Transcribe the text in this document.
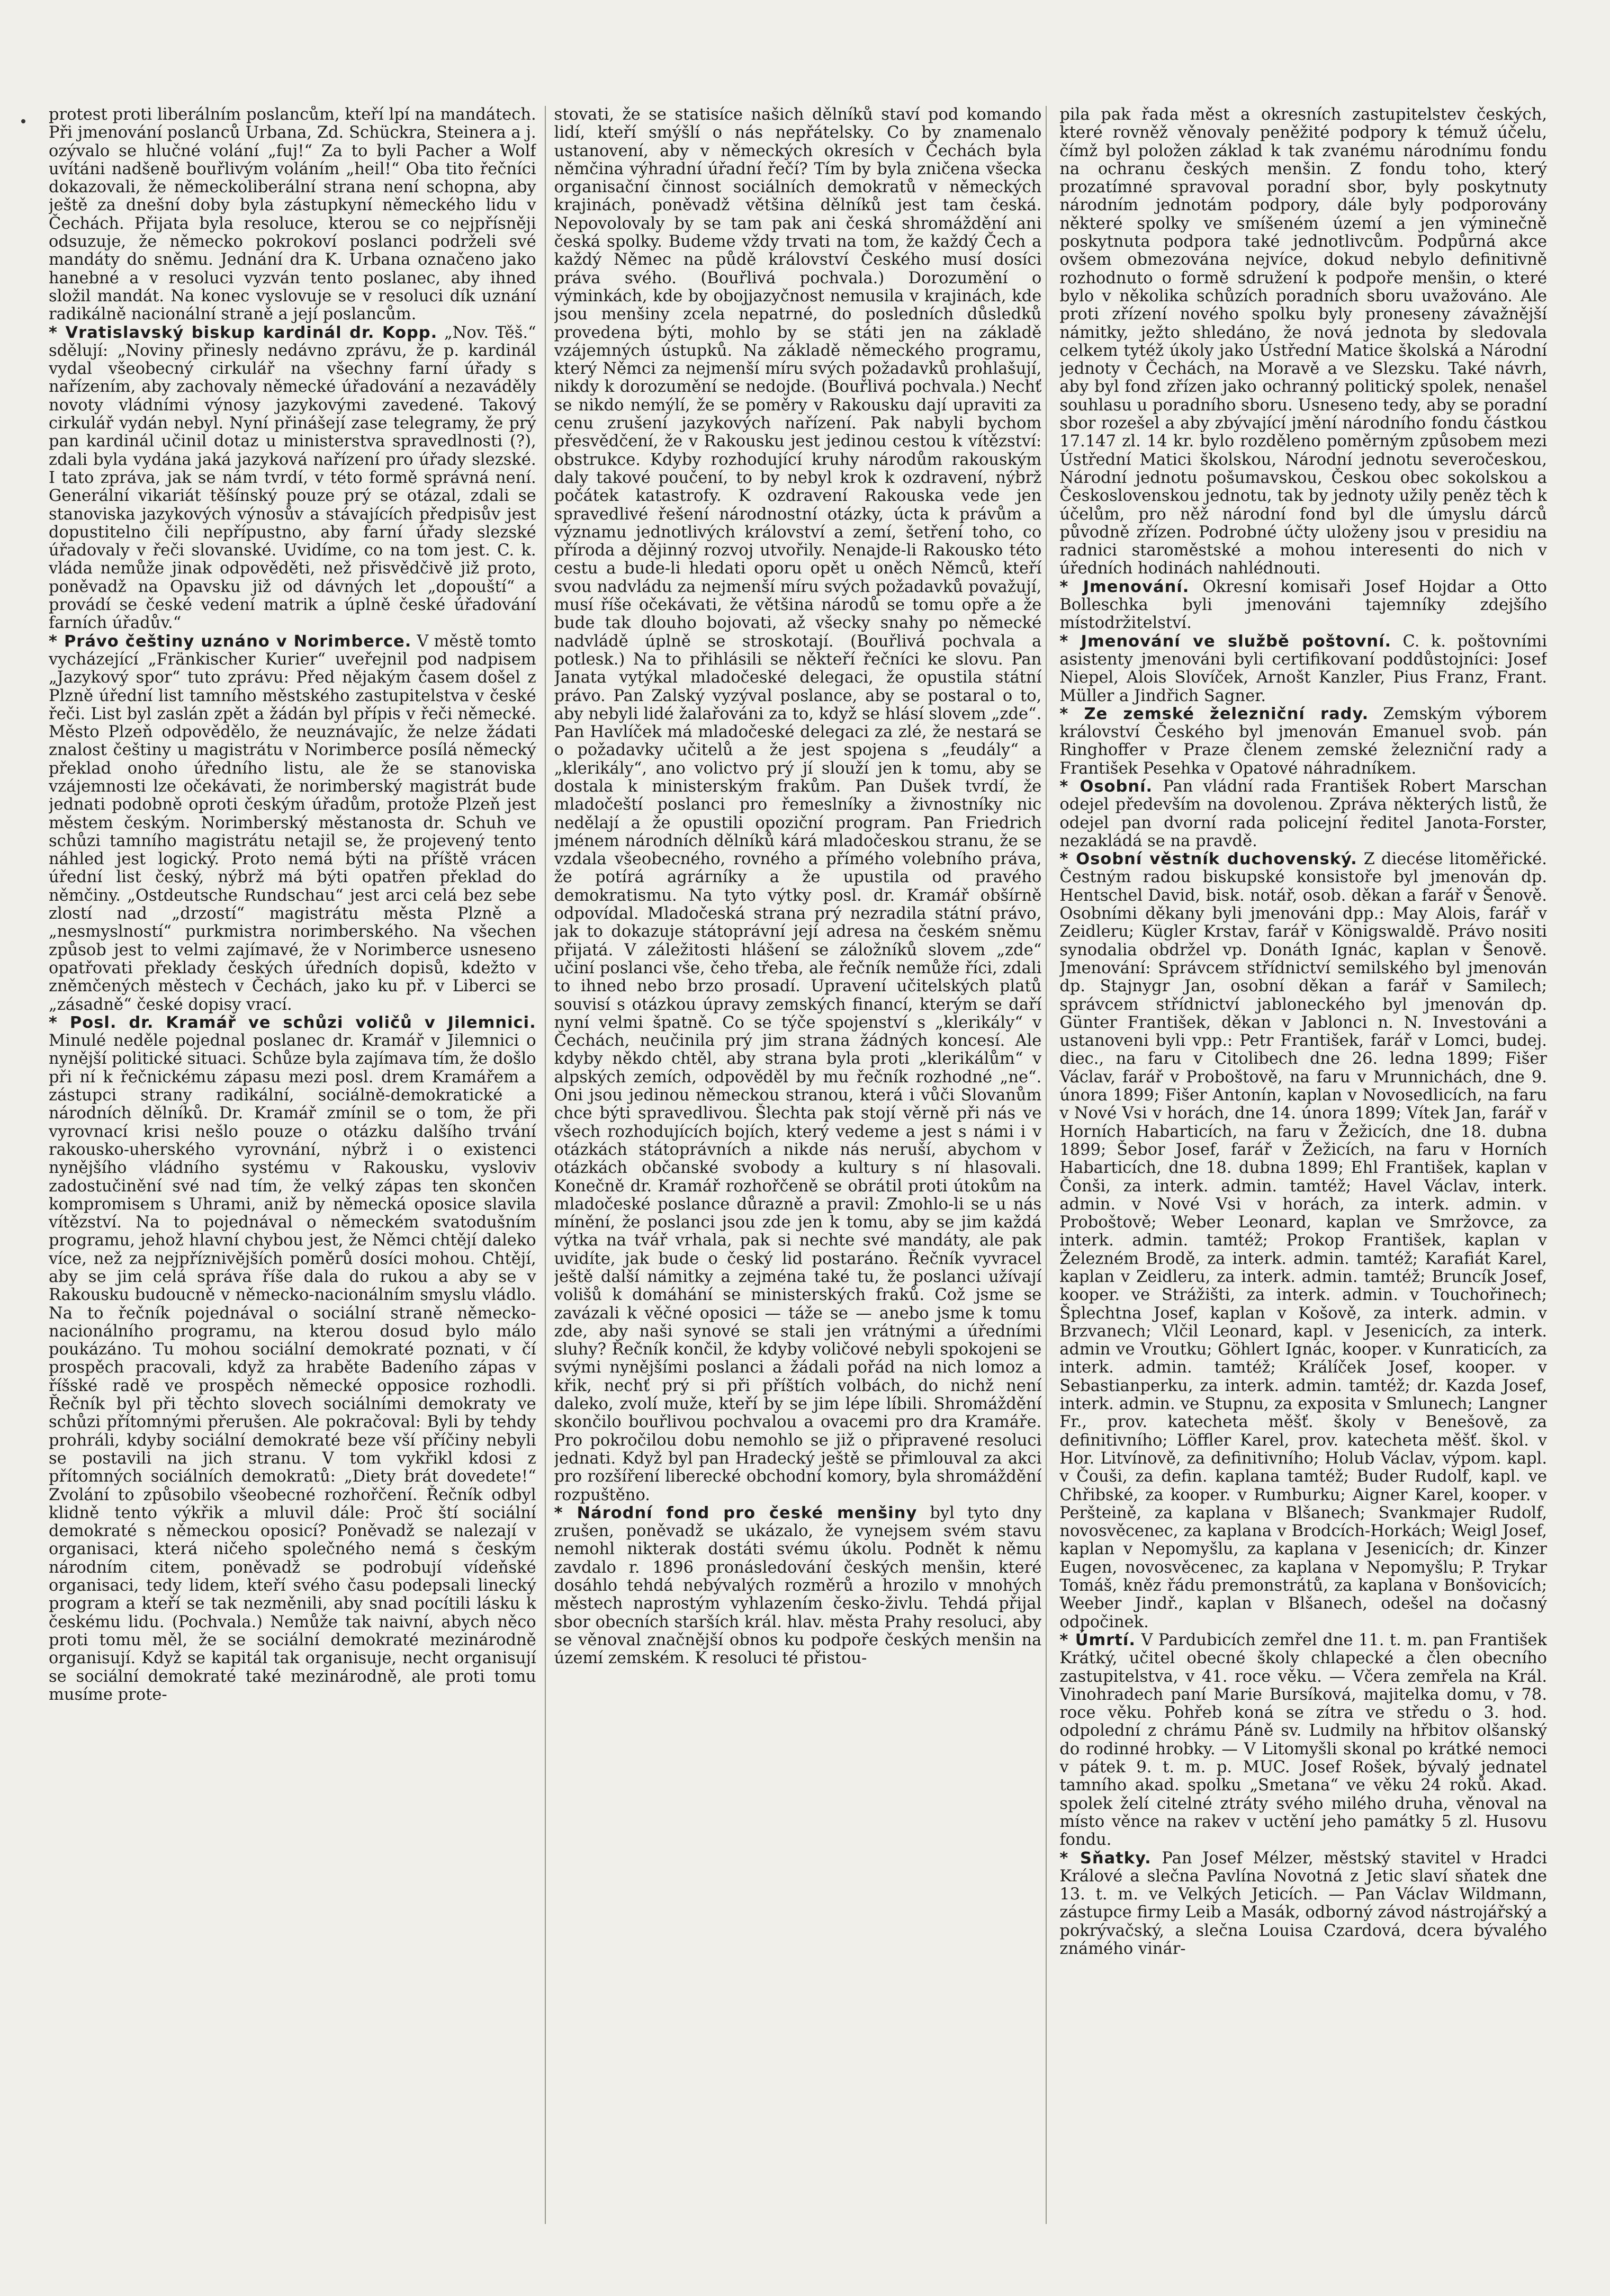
protest proti liberálním poslancům, kteří lpí na mandátech. Při jmenování poslanců Urbana, Zd. Schückra, Steinera a j. ozývalo se hlučné volání „fuj!“ Za to byli Pacher a Wolf uvítáni nadšeně bouřlivým voláním „heil!“ Oba tito řečníci dokazovali, že německoliberální strana není schopna, aby ještě za dnešní doby byla zástupkyní německého lidu v Čechách. Přijata byla resoluce, kterou se co nejpřísněji odsuzuje, že německo pokrokoví poslanci podrželi své mandáty do sněmu. Jednání dra K. Urbana označeno jako hanebné a v resoluci vyzván tento poslanec, aby ihned složil mandát. Na konec vyslovuje se v resoluci dík uznání radikálně nacionální straně a její poslancům.

* Vratislavský biskup kardinál dr. Kopp. „Nov. Těš.“ sdělují: „Noviny přinesly nedávno zprávu, že p. kardinál vydal všeobecný cirkulář na všechny farní úřady s nařízením, aby zachovaly německé úřadování a nezaváděly novoty vládními výnosy jazykovými zavedené. Takový cirkulář vydán nebyl. Nyní přinášejí zase telegramy, že prý pan kardinál učinil dotaz u ministerstva spravedlnosti (?), zdali byla vydána jaká jazyková nařízení pro úřady slezské. I tato zpráva, jak se nám tvrdí, v této formě správná není. Generální vikariát těšínský pouze prý se otázal, zdali se stanoviska jazykových výnosův a stávajících předpisův jest dopustitelno čili nepřípustno, aby farní úřady slezské úřadovaly v řeči slovanské. Uvidíme, co na tom jest. C. k. vláda nemůže jinak odpověděti, než přisvědčivě již proto, poněvadž na Opavsku již od dávných let „dopouští“ a provádí se české vedení matrik a úplně české úřadování farních úřadův.“

* Právo češtiny uznáno v Norimberce. V městě tomto vycházející „Fränkischer Kurier“ uveřejnil pod nadpisem „Jazykový spor“ tuto zprávu: Před nějakým časem došel z Plzně úřední list tamního městského zastupitelstva v české řeči. List byl zaslán zpět a žádán byl přípis v řeči německé. Město Plzeň odpovědělo, že neuznávajíc, že nelze žádati znalost češtiny u magistrátu v Norimberce posílá německý překlad onoho úředního listu, ale že se stanoviska vzájemnosti lze očekávati, že norimberský magistrát bude jednati podobně oproti českým úřadům, protože Plzeň jest městem českým. Norimberský městanosta dr. Schuh ve schůzi tamního magistrátu netajil se, že projevený tento náhled jest logický. Proto nemá býti na příště vrácen úřední list český, nýbrž má býti opatřen překlad do němčiny. „Ostdeutsche Rundschau“ jest arci celá bez sebe zlostí nad „drzostí“ magistrátu města Plzně a „nesmyslností“ purkmistra norimberského. Na všechen způsob jest to velmi zajímavé, že v Norimberce usneseno opatřovati překlady českých úředních dopisů, kdežto v zněmčených městech v Čechách, jako ku př. v Liberci se „zásadně“ české dopisy vrací.

* Posl. dr. Kramář ve schůzi voličů v Jilemnici. Minulé neděle pojednal poslanec dr. Kramář v Jilemnici o nynější politické situaci. Schůze byla zajímava tím, že došlo při ní k řečnickému zápasu mezi posl. drem Kramářem a zástupci strany radikální, sociálně-demokratické a národních dělníků. Dr. Kramář zmínil se o tom, že při vyrovnací krisi nešlo pouze o otázku dalšího trvání rakousko-uherského vyrovnání, nýbrž i o existenci nynějšího vládního systému v Rakousku, vysloviv zadostučinění své nad tím, že velký zápas ten skončen kompromisem s Uhrami, aniž by německá oposice slavila vítězství. Na to pojednával o německém svatodušním programu, jehož hlavní chybou jest, že Němci chtějí daleko více, než za nejpříznivějších poměrů dosíci mohou. Chtějí, aby se jim celá správa říše dala do rukou a aby se v Rakousku budoucně v německo-nacionálním smyslu vládlo. Na to řečník pojednával o sociální straně německo-nacionálního programu, na kterou dosud bylo málo poukázáno. Tu mohou sociální demokraté poznati, v čí prospěch pracovali, když za hraběte Badeního zápas v říšské radě ve prospěch německé opposice rozhodli. Řečník byl při těchto slovech sociálními demokraty ve schůzi přítomnými přerušen. Ale pokračoval: Byli by tehdy prohráli, kdyby sociální demokraté beze vší příčiny nebyli se postavili na jich stranu. V tom vykřikl kdosi z přítomných sociálních demokratů: „Diety brát dovedete!“ Zvolání to způsobilo všeobecné rozhořčení. Řečník odbyl klidně tento výkřik a mluvil dále: Proč ští sociální demokraté s německou oposicí? Poněvadž se nalezají v organisaci, která ničeho společného nemá s českým národním citem, poněvadž se podrobují vídeňské organisaci, tedy lidem, kteří svého času podepsali linecký program a kteří se tak nezměnili, aby snad pocítili lásku k českému lidu. (Pochvala.) Nemůže tak naivní, abych něco proti tomu měl, že se sociální demokraté mezinárodně organisují. Když se kapitál tak organisuje, necht organisují se sociální demokraté také mezinárodně, ale proti tomu musíme prote-

stovati, že se statisíce našich dělníků staví pod komando lidí, kteří smýšlí o nás nepřátelsky. Co by znamenalo ustanovení, aby v německých okresích v Čechách byla němčina výhradní úřadní řečí? Tím by byla zničena všecka organisační činnost sociálních demokratů v německých krajinách, poněvadž většina dělníků jest tam česká. Nepovolovaly by se tam pak ani česká shromáždění ani česká spolky. Budeme vždy trvati na tom, že každý Čech a každý Němec na půdě království Českého musí dosíci práva svého. (Bouřlivá pochvala.) Dorozumění o výminkách, kde by obojjazyčnost nemusila v krajinách, kde jsou menšiny zcela nepatrné, do posledních důsledků provedena býti, mohlo by se státi jen na základě vzájemných ústupků. Na základě německého programu, který Němci za nejmenší míru svých požadavků prohlašují, nikdy k dorozumění se nedojde. (Bouřlivá pochvala.) Nechť se nikdo nemýlí, že se poměry v Rakousku dají upraviti za cenu zrušení jazykových nařízení. Pak nabyli bychom přesvědčení, že v Rakousku jest jedinou cestou k vítězství: obstrukce. Kdyby rozhodující kruhy národům rakouským daly takové poučení, to by nebyl krok k ozdravení, nýbrž počátek katastrofy. K ozdravení Rakouska vede jen spravedlivé řešení národnostní otázky, úcta k právům a významu jednotlivých království a zemí, šetření toho, co přírodа a dějinný rozvoj utvořily. Nenajde-li Rakousko této cestu a bude-li hledati oporu opět u oněch Němců, kteří svou nadvládu za nejmenší míru svých požadavků považují, musí říše očekávati, že většina národů se tomu opře a že bude tak dlouho bojovati, až všecky snahy po německé nadvládě úplně se stroskotají. (Bouřlivá pochvala a potlesk.) Na to přihlásili se někteří řečníci ke slovu. Pan Janata vytýkal mladočeské delegaci, že opustila státní právo. Pan Zalský vyzýval poslance, aby se postaral o to, aby nebyli lidé žalařováni za to, když se hlásí slovem „zde“. Pan Havlíček má mladočeské delegaci za zlé, že nestará se o požadavky učitelů a že jest spojena s „feudály“ a „klerikály“, ano volictvo prý jí slouží jen k tomu, aby se dostala k ministerským frakům. Pan Dušek tvrdí, že mladočeští poslanci pro řemeslníky a živnostníky nic nedělají a že opustili opoziční program. Pan Friedrich jménem národních dělníků kárá mladočeskou stranu, že se vzdala všeobecného, rovného a přímého volebního práva, že potírá agrárníky a že upustila od pravého demokratismu. Na tyto výtky posl. dr. Kramář obšírně odpovídal. Mladočeská strana prý nezradila státní právo, jak to dokazuje státoprávní její adresa na českém sněmu přijatá. V záležitosti hlášení se záložníků slovem „zde“ učiní poslanci vše, čeho třeba, ale řečník nemůže říci, zdali to ihned nebo brzo prosadí. Upravení učitelských platů souvisí s otázkou úpravy zemských financí, kterým se daří nyní velmi špatně. Co se týče spojenství s „klerikály“ v Čechách, neučinila prý jim strana žádných koncesí. Ale kdyby někdo chtěl, aby strana byla proti „klerikálům“ v alpských zemích, odpověděl by mu řečník rozhodné „ne“. Oni jsou jedinou německou stranou, která i vůči Slovanům chce býti spravedlivou. Šlechta pak stojí věrně při nás ve všech rozhodujících bojích, který vedeme a jest s námi i v otázkách státoprávních a nikde nás neruší, abychom v otázkách občanské svobody a kultury s ní hlasovali. Konečně dr. Kramář rozhořčeně se obrátil proti útokům na mladočeské poslance důrazně a pravil: Zmohlo-li se u nás mínění, že poslanci jsou zde jen k tomu, aby se jim každá výtka na tvář vrhala, pak si nechte své mandáty, ale pak uvidíte, jak bude o český lid postaráno. Řečník vyvracel ještě další námitky a zejména také tu, že poslanci užívají volišů k domáhání se ministerských fraků. Což jsme se zavázali k věčné oposici — táže se — anebo jsme k tomu zde, aby naši synové se stali jen vrátnými a úředními sluhy? Řečník končil, že kdyby voličové nebyli spokojeni se svými nynějšími poslanci a žádali pořád na nich lomoz a křik, nechť prý si při příštích volbách, do nichž není daleko, zvolí muže, kteří by se jim lépe líbili. Shromáždění skončilo bouřlivou pochvalou a ovacemi pro dra Kramáře. Pro pokročilou dobu nemohlo se již o připravené resoluci jednati. Když byl pan Hradecký ještě se přimlouval za akci pro rozšíření liberecké obchodní komory, byla shromáždění rozpuštěno.

* Národní fond pro české menšiny byl tyto dny zrušen, poněvadž se ukázalo, že vynejsem svém stavu nemohl nikterak dostáti svému úkolu. Podnět k němu zavdalo r. 1896 pronásledování českých menšin, které dosáhlo tehdá nebývalých rozměrů a hrozilo v mnohých městech naprostým vyhlazením česko-živlu. Tehdá přijal sbor obecních starších král. hlav. města Prahy resoluci, aby se věnoval značnější obnos ku podpoře českých menšin na území zemském. K resoluci té přistou-

pila pak řada měst a okresních zastupitelstev českých, které rovněž věnovaly peněžité podpory k témuž účelu, čímž byl položen základ k tak zvanému národnímu fondu na ochranu českých menšin. Z fondu toho, který prozatímné spravoval poradní sbor, byly poskytnuty národním jednotám podpory, dále byly podporovány některé spolky ve smíšeném území a jen výminečně poskytnuta podpora také jednotlivcům. Podpůrná akce ovšem obmezována nejvíce, dokud nebylo definitivně rozhodnuto o formě sdružení k podpoře menšin, o které bylo v několika schůzích poradních sboru uvažováno. Ale proti zřízení nového spolku byly proneseny závažnější námitky, ježto shledáno, že nová jednota by sledovala celkem tytéž úkoly jako Ústřední Matice školská a Národní jednoty v Čechách, na Moravě a ve Slezsku. Také návrh, aby byl fond zřízen jako ochranný politický spolek, nenašel souhlasu u poradního sboru. Usneseno tedy, aby se poradní sbor rozešel a aby zbývající jmění národního fondu částkou 17.147 zl. 14 kr. bylo rozděleno poměrným způsobem mezi Ústřední Matici školskou, Národní jednotu severočeskou, Národní jednotu pošumavskou, Českou obec sokolskou a Československou jednotu, tak by jednoty užily peněz těch k účelům, pro něž národní fond byl dle úmyslu dárců původně zřízen. Podrobné účty uloženy jsou v presidiu na radnici staroměstské a mohou interesenti do nich v úředních hodinách nahlédnouti.

* Jmenování. Okresní komisaři Josef Hojdar a Otto Bolleschka byli jmenováni tajemníky zdejšího místodržitelství.

* Jmenování ve službě poštovní. C. k. poštovními asistenty jmenováni byli certifikovaní poddůstojníci: Josef Niepel, Alois Slovíček, Arnošt Kanzler, Pius Franz, Frant. Müller a Jindřich Sagner.

* Ze zemské železniční rady. Zemským výborem království Českého byl jmenován Emanuel svob. pán Ringhoffer v Praze členem zemské železniční rady a František Pesehka v Opatové náhradníkem.

* Osobní. Pan vládní rada František Robert Marschan odejel především na dovolenou. Zpráva některých listů, že odejel pan dvorní rada policejní ředitel Janota-Forster, nezakládá se na pravdě.

* Osobní věstník duchovenský. Z diecése litoměřické. Čestným radou biskupské konsistoře byl jmenován dp. Hentschel David, bisk. notář, osob. děkan a farář v Šenově. Osobními děkany byli jmenováni dpp.: May Alois, farář v Zeidleru; Kügler Krstav, farář v Königswaldě. Právo nositi synodalia obdržel vp. Donáth Ignác, kaplan v Šenově. Jmenování: Správcem střídnictví semilského byl jmenován dp. Stajnygr Jan, osobní děkan a farář v Samilech; správcem střídnictví jabloneckého byl jmenován dp. Günter František, děkan v Jablonci n. N. Investováni a ustanoveni byli vpp.: Petr František, farář v Lomci, budej. diec., na faru v Citolibech dne 26. ledna 1899; Fišer Václav, farář v Proboštově, na faru v Mrunnichách, dne 9. února 1899; Fišer Antonín, kaplan v Novosedlicích, na faru v Nové Vsi v horách, dne 14. února 1899; Vítek Jan, farář v Horních Habarticích, na faru v Žežicích, dne 18. dubna 1899; Šebor Josef, farář v Žežicích, na faru v Horních Habarticích, dne 18. dubna 1899; Ehl František, kaplan v Čonši, za interk. admin. tamtéž; Havel Václav, interk. admin. v Nové Vsi v horách, za interk. admin. v Proboštově; Weber Leonard, kaplan ve Smržovce, za interk. admin. tamtéž; Prokop František, kaplan v Železném Brodě, za interk. admin. tamtéž; Karafiát Karel, kaplan v Zeidleru, za interk. admin. tamtéž; Bruncík Josef, kooper. ve Strážišti, za interk. admin. v Touchořinech; Šplechtna Josef, kaplan v Košově, za interk. admin. v Brzvanech; Vlčil Leonard, kapl. v Jesenicích, za interk. admin ve Vroutku; Göhlert Ignác, kooper. v Kunraticích, za interk. admin. tamtéž; Králíček Josef, kooper. v Sebastianperku, za interk. admin. tamtéž; dr. Kazda Josef, interk. admin. ve Stupnu, za exposita v Smlunech; Langner Fr., prov. katecheta měšť. školy v Benešově, za definitivního; Löffler Karel, prov. katecheta měšť. škol. v Hor. Litvínově, za definitivního; Holub Václav, výpom. kapl. v Čouši, za defin. kaplana tamtéž; Buder Rudolf, kapl. ve Chřibské, za kooper. v Rumburku; Aigner Karel, kooper. v Peršteině, za kaplana v Blšanech; Svankmajer Rudolf, novosvěcenec, za kaplana v Brodcích-Horkách; Weigl Josef, kaplan v Nepomyšlu, za kaplana v Jesenicích; dr. Kinzer Eugen, novosvěcenec, za kaplana v Nepomyšlu; P. Trykar Tomáš, kněz řádu premonstrátů, za kaplana v Bonšovicích; Weeber Jindř., kaplan v Blšanech, odešel na dočasný odpočinek.

* Úmrtí. V Pardubicích zemřel dne 11. t. m. pan František Krátký, učitel obecné školy chlapecké a člen obecního zastupitelstva, v 41. roce věku. — Včera zemřela na Král. Vinohradech paní Marie Bursíková, majitelka domu, v 78. roce věku. Pohřeb koná se zítra ve středu o 3. hod. odpolední z chrámu Páně sv. Ludmily na hřbitov olšanský do rodinné hrobky. — V Litomyšli skonal po krátké nemoci v pátek 9. t. m. p. MUC. Josef Rošek, bývalý jednatel tamního akad. spolku „Smetana“ ve věku 24 roků. Akad. spolek želí citelné ztráty svého milého druha, věnoval na místo věnce na rakev v uctění jeho památky 5 zl. Husovu fondu.

* Sňatky. Pan Josef Mélzer, městský stavitel v Hradci Králové a slečna Pavlína Novotná z Jetic slaví sňatek dne 13. t. m. ve Velkých Jeticích. — Pan Václav Wildmann, zástupce firmy Leib a Masák, odborný závod nástrojářský a pokrývačský, a slečna Louisa Czardová, dcera bývalého známého vinár-
